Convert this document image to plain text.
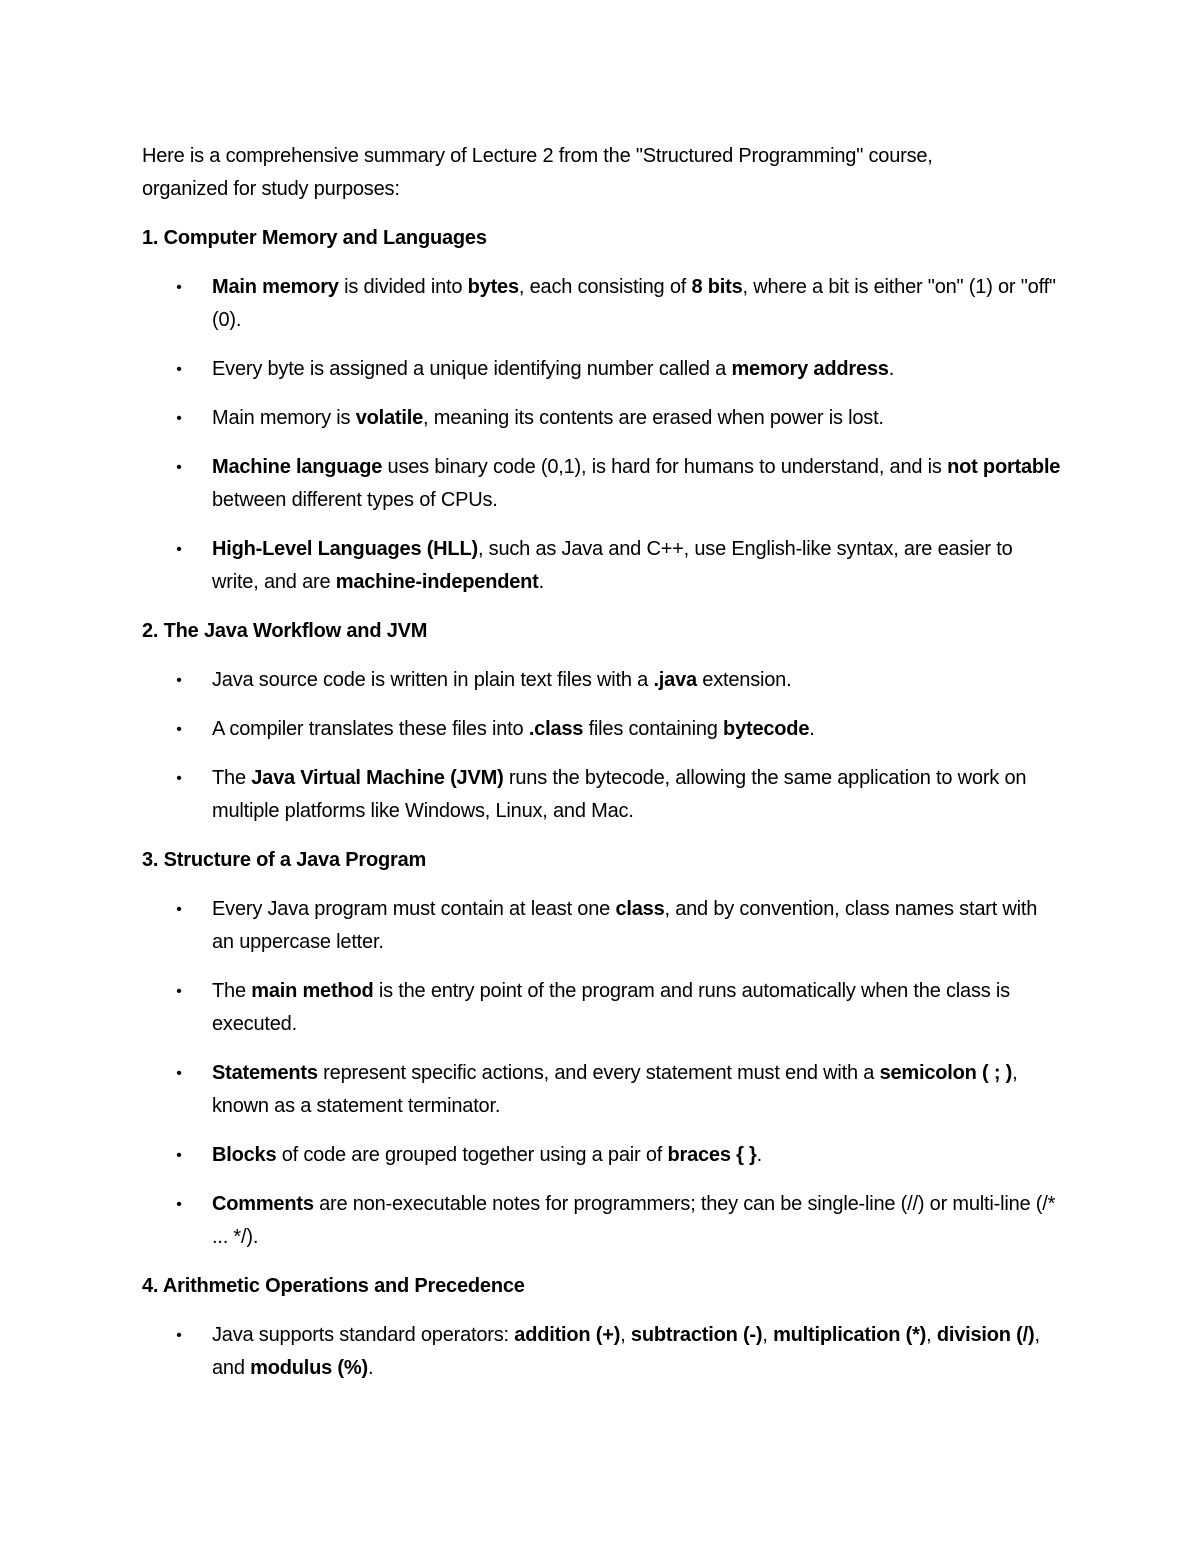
Here is a comprehensive summary of Lecture 2 from the "Structured Programming" course,
organized for study purposes:

1. Computer Memory and Languages

• Main memory is divided into bytes, each consisting of 8 bits, where a bit is either "on" (1) or "off" (0).
• Every byte is assigned a unique identifying number called a memory address.
• Main memory is volatile, meaning its contents are erased when power is lost.
• Machine language uses binary code (0,1), is hard for humans to understand, and is not portable between different types of CPUs.
• High-Level Languages (HLL), such as Java and C++, use English-like syntax, are easier to write, and are machine-independent.

2. The Java Workflow and JVM

• Java source code is written in plain text files with a .java extension.
• A compiler translates these files into .class files containing bytecode.
• The Java Virtual Machine (JVM) runs the bytecode, allowing the same application to work on multiple platforms like Windows, Linux, and Mac.

3. Structure of a Java Program

• Every Java program must contain at least one class, and by convention, class names start with an uppercase letter.
• The main method is the entry point of the program and runs automatically when the class is executed.
• Statements represent specific actions, and every statement must end with a semicolon ( ; ), known as a statement terminator.
• Blocks of code are grouped together using a pair of braces { }.
• Comments are non-executable notes for programmers; they can be single-line (//) or multi-line (/* ... */).

4. Arithmetic Operations and Precedence

• Java supports standard operators: addition (+), subtraction (-), multiplication (*), division (/), and modulus (%).
